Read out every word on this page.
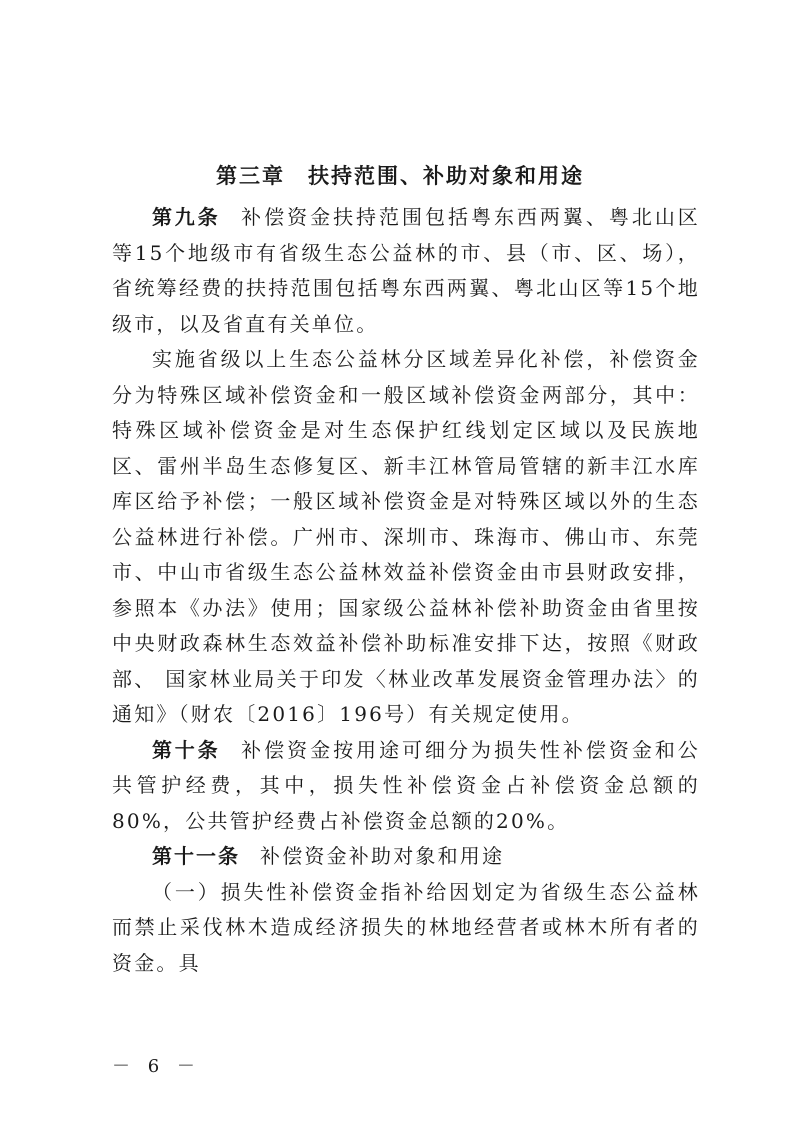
第三章　扶持范围、补助对象和用途

第九条 补偿资金扶持范围包括粤东西两翼、粤北山区等15个地级市有省级生态公益林的市、县（市、区、场），省统筹经费的扶持范围包括粤东西两翼、粤北山区等15个地级市，以及省直有关单位。

实施省级以上生态公益林分区域差异化补偿，补偿资金分为特殊区域补偿资金和一般区域补偿资金两部分，其中：特殊区域补偿资金是对生态保护红线划定区域以及民族地区、雷州半岛生态修复区、新丰江林管局管辖的新丰江水库库区给予补偿；一般区域补偿资金是对特殊区域以外的生态公益林进行补偿。广州市、深圳市、珠海市、佛山市、东莞市、中山市省级生态公益林效益补偿资金由市县财政安排，参照本《办法》使用；国家级公益林补偿补助资金由省里按中央财政森林生态效益补偿补助标准安排下达，按照《财政部、 国家林业局关于印发〈林业改革发展资金管理办法〉的通知》（财农〔2016〕196号）有关规定使用。

第十条 补偿资金按用途可细分为损失性补偿资金和公共管护经费，其中，损失性补偿资金占补偿资金总额的80%，公共管护经费占补偿资金总额的20%。

第十一条 补偿资金补助对象和用途

（一）损失性补偿资金指补给因划定为省级生态公益林而禁止采伐林木造成经济损失的林地经营者或林木所有者的资金。具

－ 6 －
